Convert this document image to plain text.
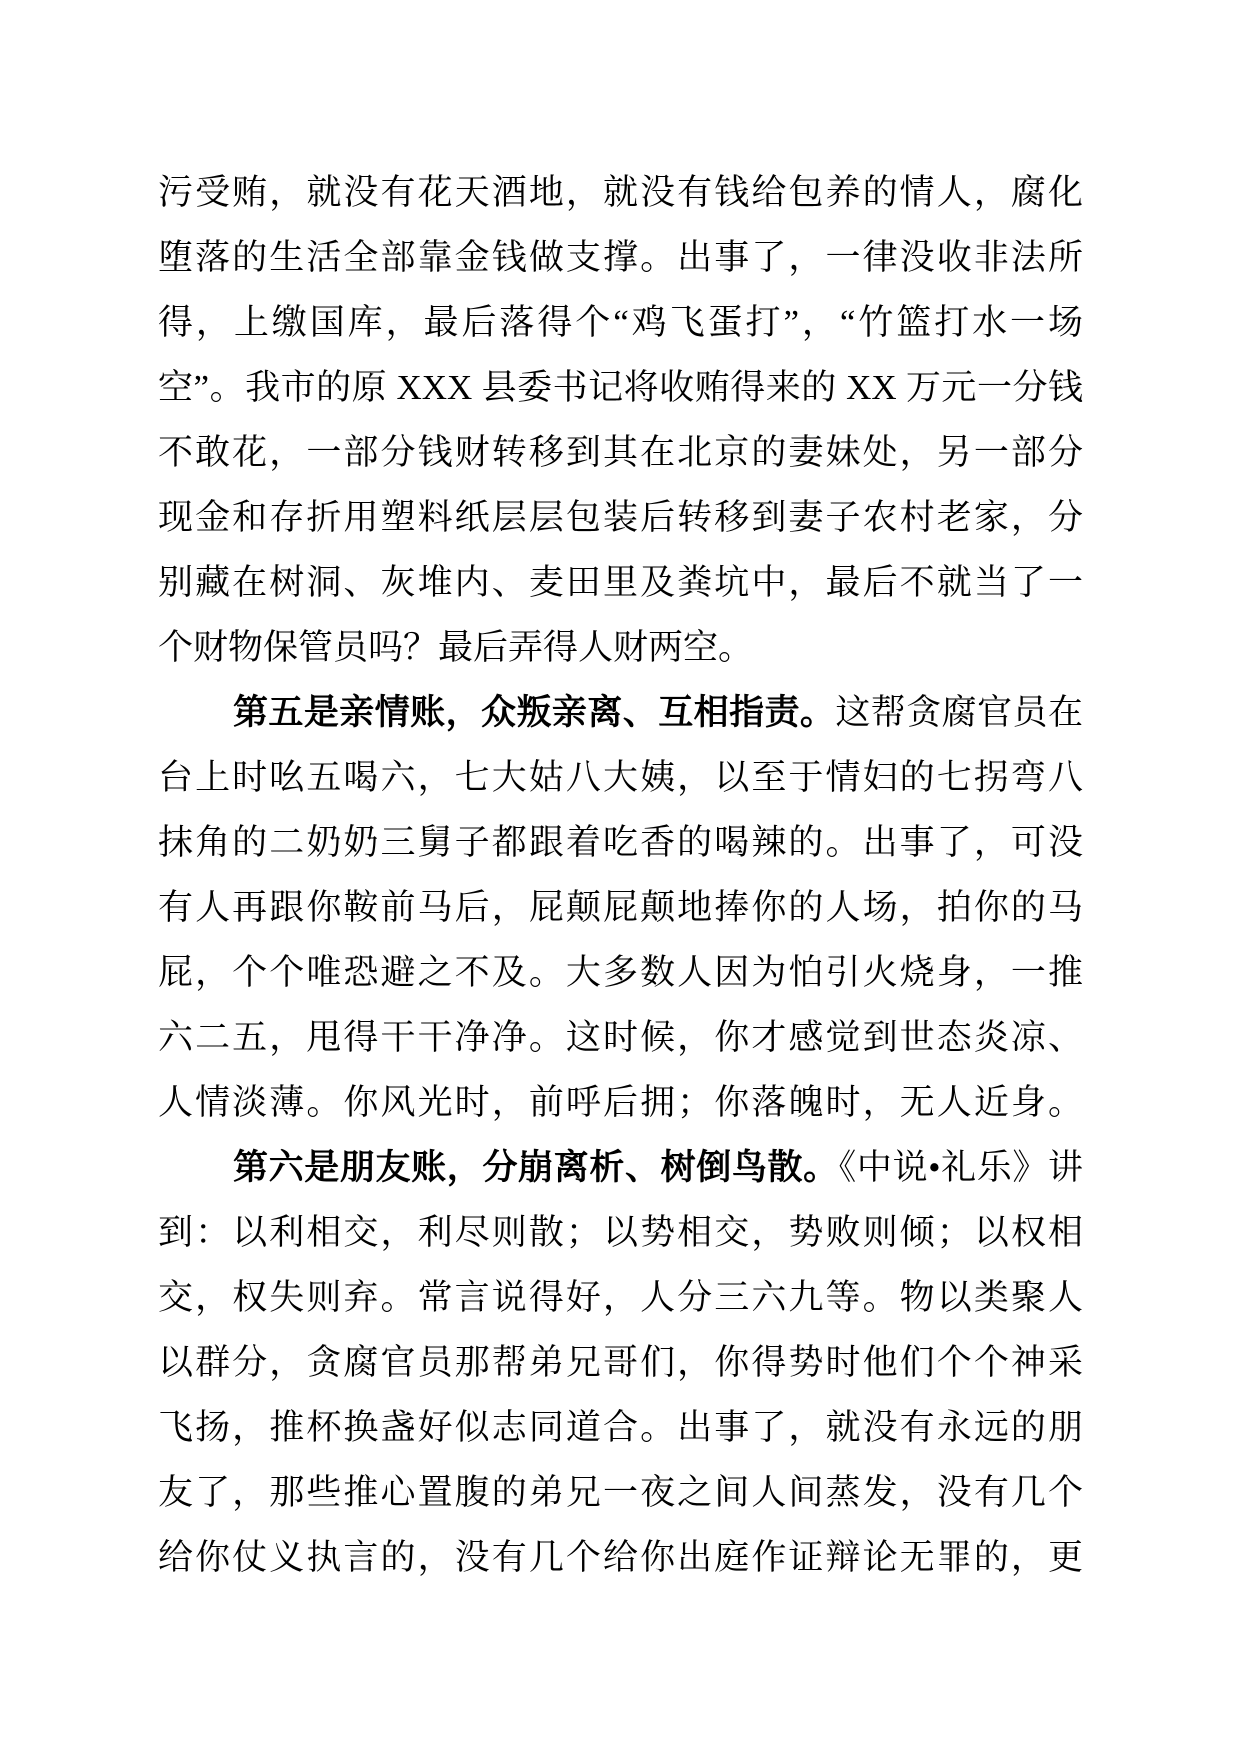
污受贿，就没有花天酒地，就没有钱给包养的情人，腐化
堕落的生活全部靠金钱做支撑。出事了，一律没收非法所
得，上缴国库，最后落得个“鸡飞蛋打”，“竹篮打水一场
空”。我市的原 XXX 县委书记将收贿得来的 XX 万元一分钱
不敢花，一部分钱财转移到其在北京的妻妹处，另一部分
现金和存折用塑料纸层层包装后转移到妻子农村老家，分
别藏在树洞、灰堆内、麦田里及粪坑中，最后不就当了一
个财物保管员吗？最后弄得人财两空。
第五是亲情账，众叛亲离、互相指责。这帮贪腐官员在
台上时吆五喝六，七大姑八大姨，以至于情妇的七拐弯八
抹角的二奶奶三舅子都跟着吃香的喝辣的。出事了，可没
有人再跟你鞍前马后，屁颠屁颠地捧你的人场，拍你的马
屁，个个唯恐避之不及。大多数人因为怕引火烧身，一推
六二五，甩得干干净净。这时候，你才感觉到世态炎凉、
人情淡薄。你风光时，前呼后拥；你落魄时，无人近身。
第六是朋友账，分崩离析、树倒鸟散。《中说•礼乐》讲
到：以利相交，利尽则散；以势相交，势败则倾；以权相
交，权失则弃。常言说得好，人分三六九等。物以类聚人
以群分，贪腐官员那帮弟兄哥们，你得势时他们个个神采
飞扬，推杯换盏好似志同道合。出事了，就没有永远的朋
友了，那些推心置腹的弟兄一夜之间人间蒸发，没有几个
给你仗义执言的，没有几个给你出庭作证辩论无罪的，更
